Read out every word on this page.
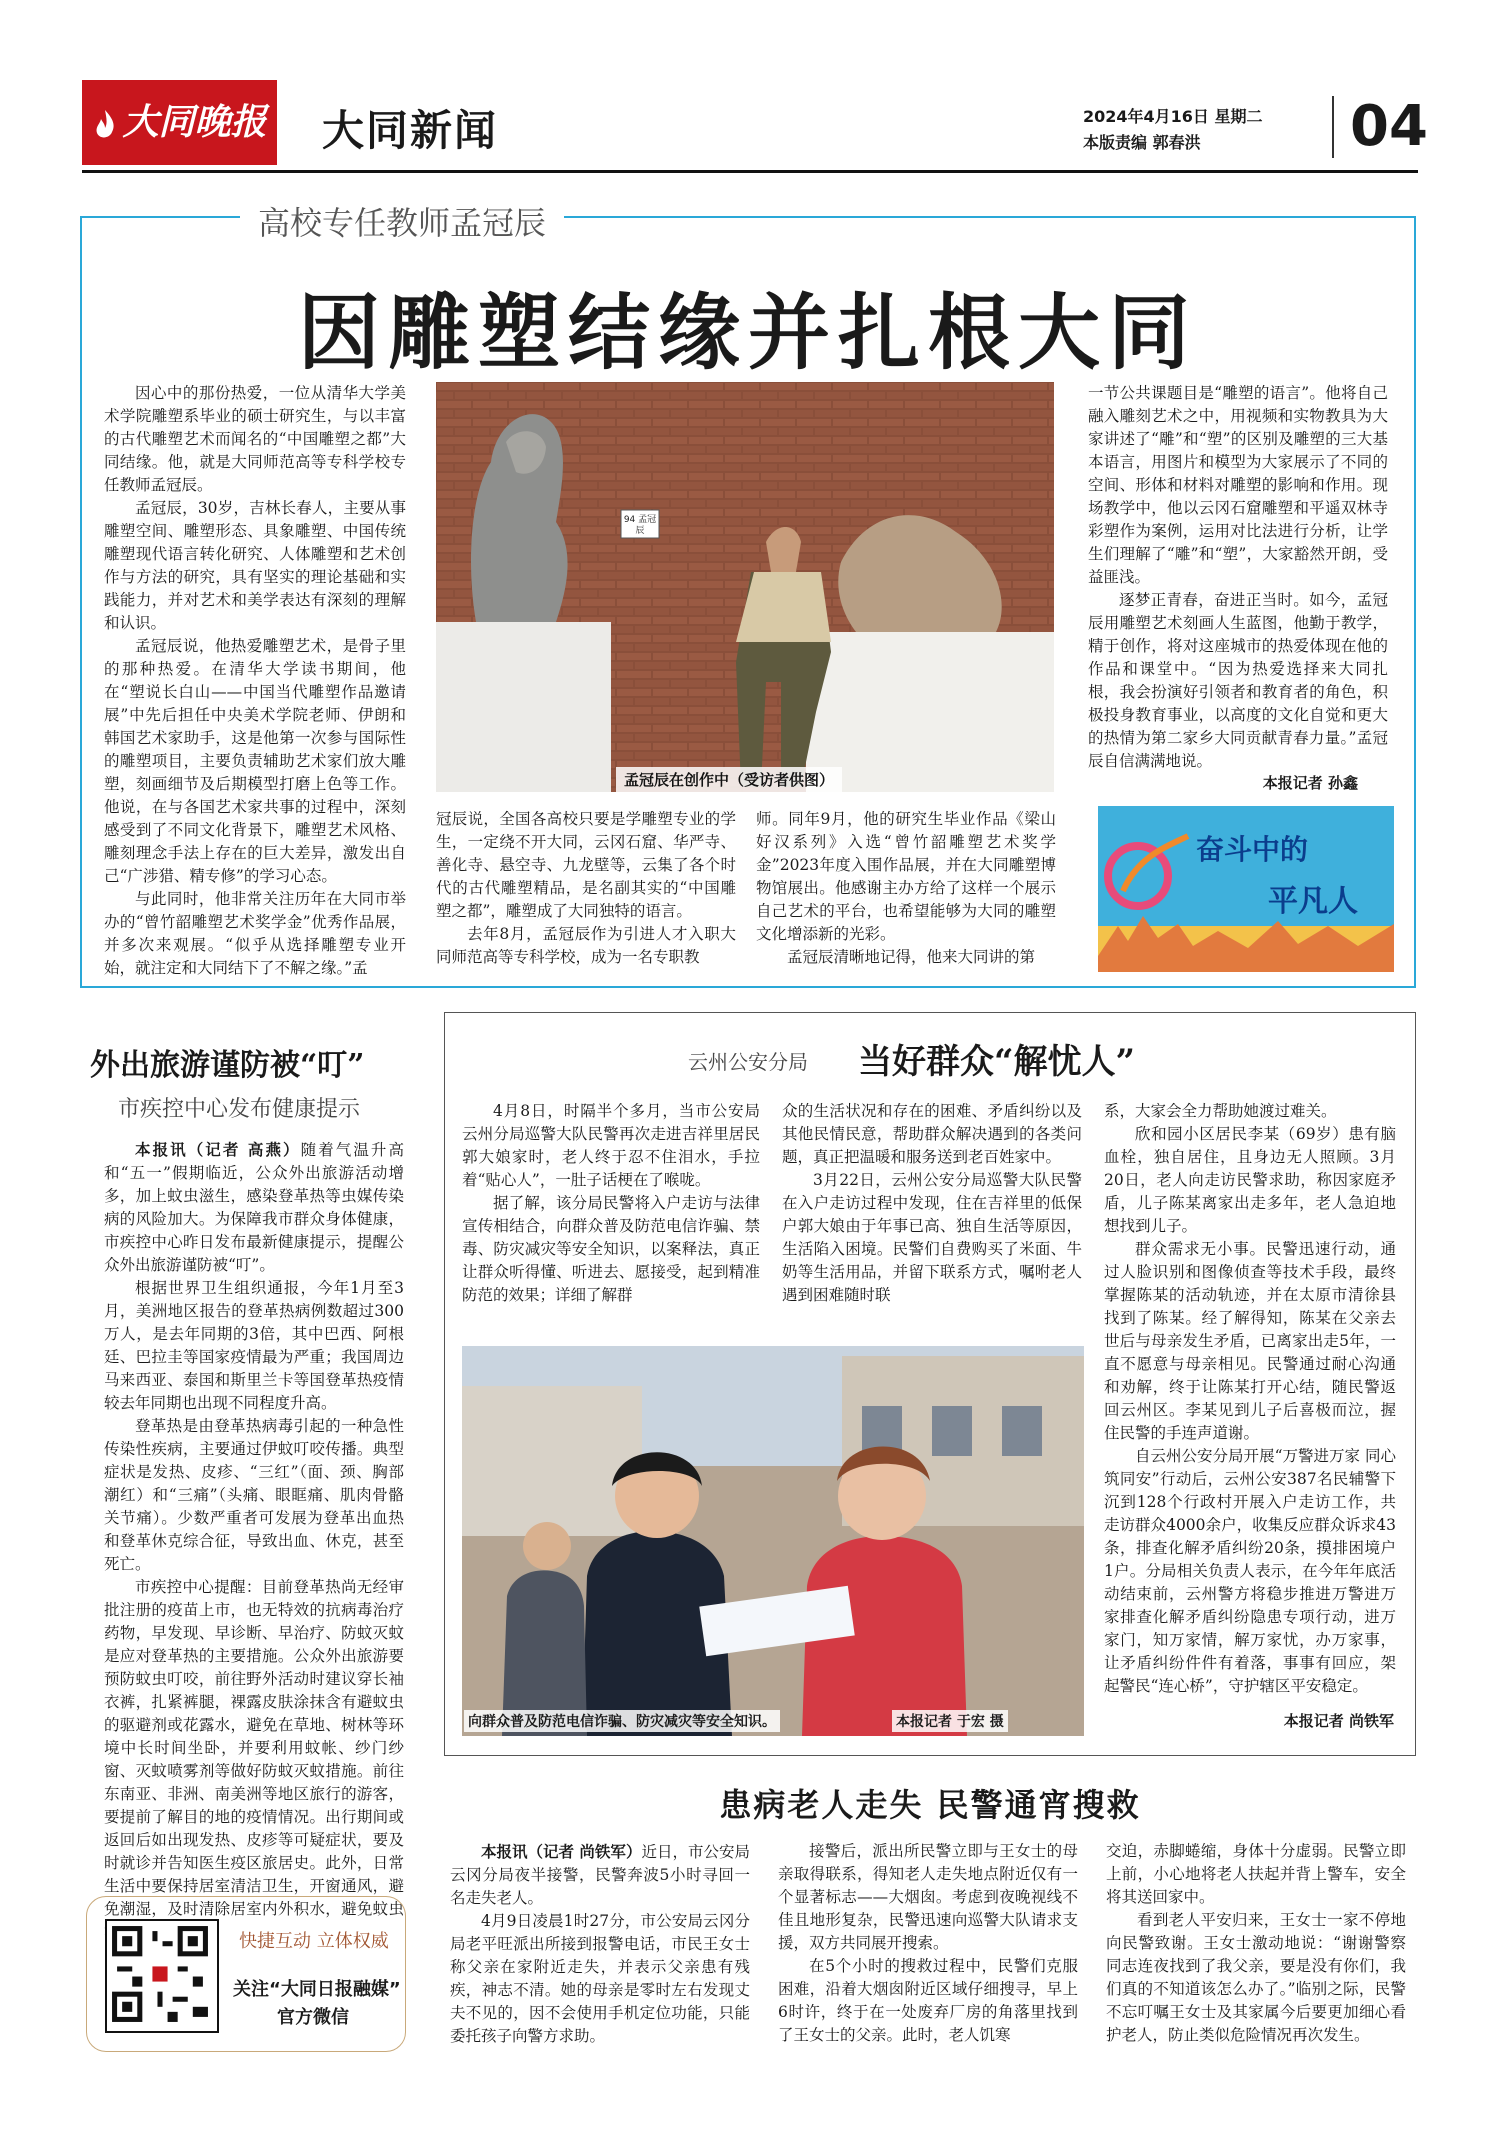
大同晚报 大同新闻	2024年4月16日 星期二
本版责编 郭春洪	04
高校专任教师孟冠辰
因雕塑结缘并扎根大同

因心中的那份热爱，一位从清华大学美术学院雕塑系毕业的硕士研究生，与以丰富的古代雕塑艺术而闻名的“中国雕塑之都”大同结缘。他，就是大同师范高等专科学校专任教师孟冠辰。

孟冠辰，30岁，吉林长春人，主要从事雕塑空间、雕塑形态、具象雕塑、中国传统雕塑现代语言转化研究、人体雕塑和艺术创作与方法的研究，具有坚实的理论基础和实践能力，并对艺术和美学表达有深刻的理解和认识。

孟冠辰说，他热爱雕塑艺术，是骨子里的那种热爱。在清华大学读书期间，他在“塑说长白山——中国当代雕塑作品邀请展”中先后担任中央美术学院老师、伊朗和韩国艺术家助手，这是他第一次参与国际性的雕塑项目，主要负责辅助艺术家们放大雕塑，刻画细节及后期模型打磨上色等工作。他说，在与各国艺术家共事的过程中，深刻感受到了不同文化背景下，雕塑艺术风格、雕刻理念手法上存在的巨大差异，激发出自己“广涉猎、精专修”的学习心态。

与此同时，他非常关注历年在大同市举办的“曾竹韶雕塑艺术奖学金”优秀作品展，并多次来观展。“似乎从选择雕塑专业开始，就注定和大同结下了不解之缘。”孟

94 孟冠辰
孟冠辰在创作中（受访者供图）

冠辰说，全国各高校只要是学雕塑专业的学生，一定绕不开大同，云冈石窟、华严寺、善化寺、悬空寺、九龙壁等，云集了各个时代的古代雕塑精品，是名副其实的“中国雕塑之都”，雕塑成了大同独特的语言。

去年8月，孟冠辰作为引进人才入职大同师范高等专科学校，成为一名专职教

师。同年9月，他的研究生毕业作品《梁山好汉系列》入选“曾竹韶雕塑艺术奖学金”2023年度入围作品展，并在大同雕塑博物馆展出。他感谢主办方给了这样一个展示自己艺术的平台，也希望能够为大同的雕塑文化增添新的光彩。

孟冠辰清晰地记得，他来大同讲的第

一节公共课题目是“雕塑的语言”。他将自己融入雕刻艺术之中，用视频和实物教具为大家讲述了“雕”和“塑”的区别及雕塑的三大基本语言，用图片和模型为大家展示了不同的空间、形体和材料对雕塑的影响和作用。现场教学中，他以云冈石窟雕塑和平遥双林寺彩塑作为案例，运用对比法进行分析，让学生们理解了“雕”和“塑”，大家豁然开朗，受益匪浅。

逐梦正青春，奋进正当时。如今，孟冠辰用雕塑艺术刻画人生蓝图，他勤于教学，精于创作，将对这座城市的热爱体现在他的作品和课堂中。“因为热爱选择来大同扎根，我会扮演好引领者和教育者的角色，积极投身教育事业，以高度的文化自觉和更大的热情为第二家乡大同贡献青春力量。”孟冠辰自信满满地说。

本报记者 孙鑫
奋斗中的
平凡人
外出旅游谨防被“叮”
市疾控中心发布健康提示

本报讯（记者 高燕）随着气温升高和“五一”假期临近，公众外出旅游活动增多，加上蚊虫滋生，感染登革热等虫媒传染病的风险加大。为保障我市群众身体健康，市疾控中心昨日发布最新健康提示，提醒公众外出旅游谨防被“叮”。

根据世界卫生组织通报，今年1月至3月，美洲地区报告的登革热病例数超过300万人，是去年同期的3倍，其中巴西、阿根廷、巴拉圭等国家疫情最为严重；我国周边马来西亚、泰国和斯里兰卡等国登革热疫情较去年同期也出现不同程度升高。

登革热是由登革热病毒引起的一种急性传染性疾病，主要通过伊蚊叮咬传播。典型症状是发热、皮疹、“三红”（面、颈、胸部潮红）和“三痛”（头痛、眼眶痛、肌肉骨骼关节痛）。少数严重者可发展为登革出血热和登革休克综合征，导致出血、休克，甚至死亡。

市疾控中心提醒：目前登革热尚无经审批注册的疫苗上市，也无特效的抗病毒治疗药物，早发现、早诊断、早治疗、防蚊灭蚊是应对登革热的主要措施。公众外出旅游要预防蚊虫叮咬，前往野外活动时建议穿长袖衣裤，扎紧裤腿，裸露皮肤涂抹含有避蚊虫的驱避剂或花露水，避免在草地、树林等环境中长时间坐卧，并要利用蚊帐、纱门纱窗、灭蚊喷雾剂等做好防蚊灭蚊措施。前往东南亚、非洲、南美洲等地区旅行的游客，要提前了解目的地的疫情情况。出行期间或返回后如出现发热、皮疹等可疑症状，要及时就诊并告知医生疫区旅居史。此外，日常生活中要保持居室清洁卫生，开窗通风，避免潮湿，及时清除居室内外积水，避免蚊虫

快捷互动 立体权威
关注“大同日报融媒”
官方微信
云州公安分局 当好群众“解忧人”

4月8日，时隔半个多月，当市公安局云州分局巡警大队民警再次走进吉祥里居民郭大娘家时，老人终于忍不住泪水，手拉着“贴心人”，一肚子话梗在了喉咙。

据了解，该分局民警将入户走访与法律宣传相结合，向群众普及防范电信诈骗、禁毒、防灾减灾等安全知识，以案释法，真正让群众听得懂、听进去、愿接受，起到精准防范的效果；详细了解群

众的生活状况和存在的困难、矛盾纠纷以及其他民情民意，帮助群众解决遇到的各类问题，真正把温暖和服务送到老百姓家中。

3月22日，云州公安分局巡警大队民警在入户走访过程中发现，住在吉祥里的低保户郭大娘由于年事已高、独自生活等原因，生活陷入困境。民警们自费购买了米面、牛奶等生活用品，并留下联系方式，嘱咐老人遇到困难随时联

系，大家会全力帮助她渡过难关。

欣和园小区居民李某（69岁）患有脑血栓，独自居住，且身边无人照顾。3月20日，老人向走访民警求助，称因家庭矛盾，儿子陈某离家出走多年，老人急迫地想找到儿子。

群众需求无小事。民警迅速行动，通过人脸识别和图像侦查等技术手段，最终掌握陈某的活动轨迹，并在太原市清徐县找到了陈某。经了解得知，陈某在父亲去世后与母亲发生矛盾，已离家出走5年，一直不愿意与母亲相见。民警通过耐心沟通和劝解，终于让陈某打开心结，随民警返回云州区。李某见到儿子后喜极而泣，握住民警的手连声道谢。

自云州公安分局开展“万警进万家 同心筑同安”行动后，云州公安387名民辅警下沉到128个行政村开展入户走访工作，共走访群众4000余户，收集反应群众诉求43条，排查化解矛盾纠纷20条，摸排困境户1户。分局相关负责人表示，在今年年底活动结束前，云州警方将稳步推进万警进万家排查化解矛盾纠纷隐患专项行动，进万家门，知万家情，解万家忧，办万家事，让矛盾纠纷件件有着落，事事有回应，架起警民“连心桥”，守护辖区平安稳定。

本报记者 尚铁军
向群众普及防范电信诈骗、防灾减灾等安全知识。	本报记者 于宏 摄
患病老人走失 民警通宵搜救

本报讯（记者 尚铁军）近日，市公安局云冈分局夜半接警，民警奔波5小时寻回一名走失老人。

4月9日凌晨1时27分，市公安局云冈分局老平旺派出所接到报警电话，市民王女士称父亲在家附近走失，并表示父亲患有残疾，神志不清。她的母亲是零时左右发现丈夫不见的，因不会使用手机定位功能，只能委托孩子向警方求助。

接警后，派出所民警立即与王女士的母亲取得联系，得知老人走失地点附近仅有一个显著标志——大烟囱。考虑到夜晚视线不佳且地形复杂，民警迅速向巡警大队请求支援，双方共同展开搜索。

在5个小时的搜救过程中，民警们克服困难，沿着大烟囱附近区域仔细搜寻，早上6时许，终于在一处废弃厂房的角落里找到了王女士的父亲。此时，老人饥寒

交迫，赤脚蜷缩，身体十分虚弱。民警立即上前，小心地将老人扶起并背上警车，安全将其送回家中。

看到老人平安归来，王女士一家不停地向民警致谢。王女士激动地说：“谢谢警察同志连夜找到了我父亲，要是没有你们，我们真的不知道该怎么办了。”临别之际，民警不忘叮嘱王女士及其家属今后要更加细心看护老人，防止类似危险情况再次发生。
